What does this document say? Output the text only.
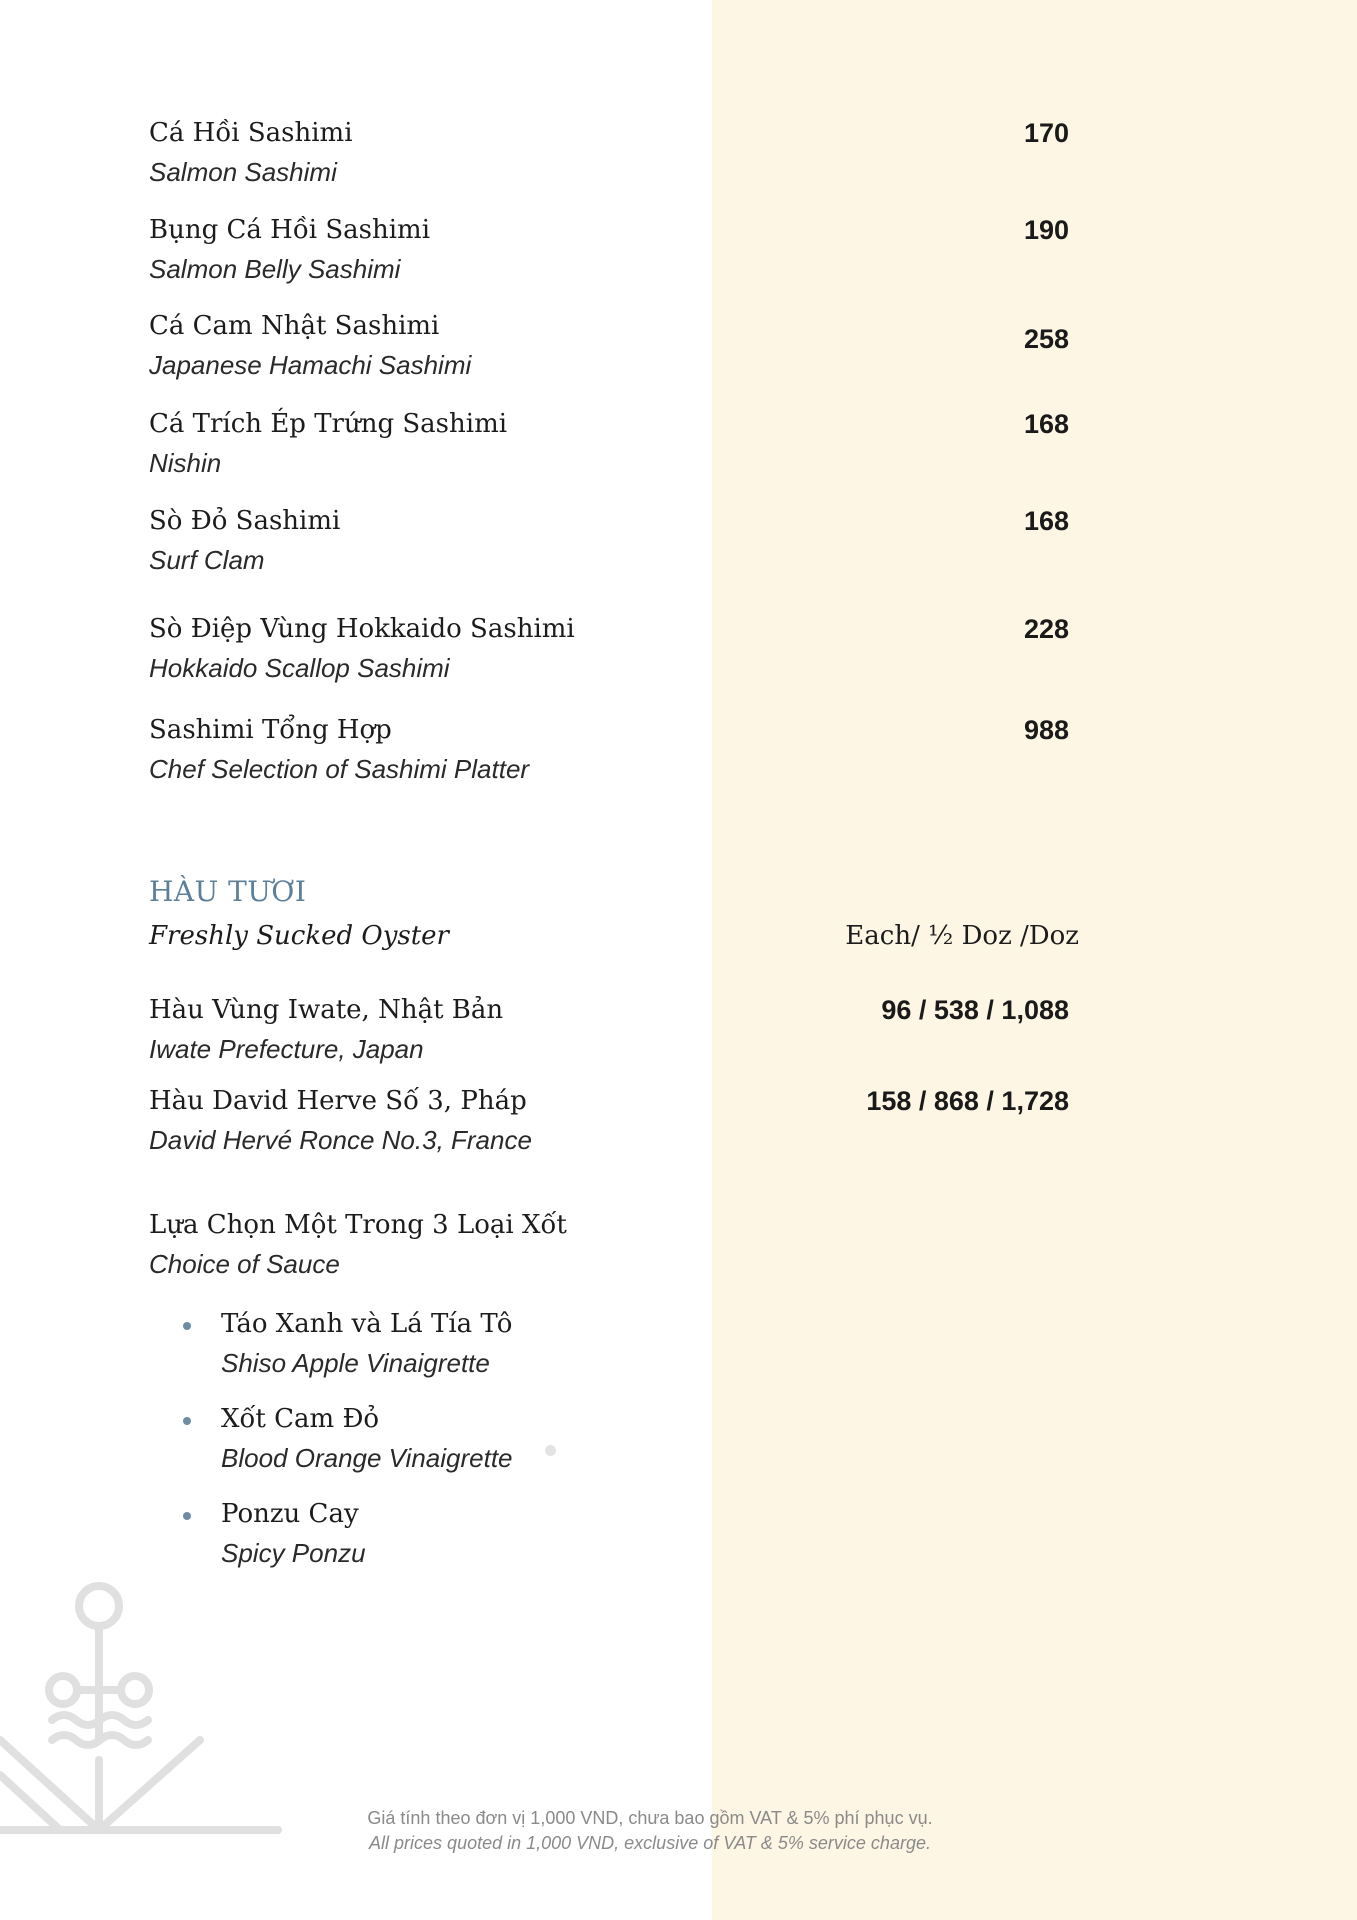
Cá Hồi Sashimi
Salmon Sashimi
170
Bụng Cá Hồi Sashimi
Salmon Belly Sashimi
190
Cá Cam Nhật Sashimi
Japanese Hamachi Sashimi
258
Cá Trích Ép Trứng Sashimi
Nishin
168
Sò Đỏ Sashimi
Surf Clam
168
Sò Điệp Vùng Hokkaido Sashimi
Hokkaido Scallop Sashimi
228
Sashimi Tổng Hợp
Chef Selection of Sashimi Platter
988
HÀU TƯƠI
Freshly Sucked Oyster	Each/ ½ Doz /Doz
Hàu Vùng Iwate, Nhật Bản
Iwate Prefecture, Japan
96 / 538 / 1,088
Hàu David Herve Số 3, Pháp
David Hervé Ronce No.3, France
158 / 868 / 1,728
Lựa Chọn Một Trong 3 Loại Xốt
Choice of Sauce
Táo Xanh và Lá Tía Tô
Shiso Apple Vinaigrette
Xốt Cam Đỏ
Blood Orange Vinaigrette
Ponzu Cay
Spicy Ponzu
Giá tính theo đơn vị 1,000 VND, chưa bao gồm VAT & 5% phí phục vụ.
All prices quoted in 1,000 VND, exclusive of VAT & 5% service charge.
